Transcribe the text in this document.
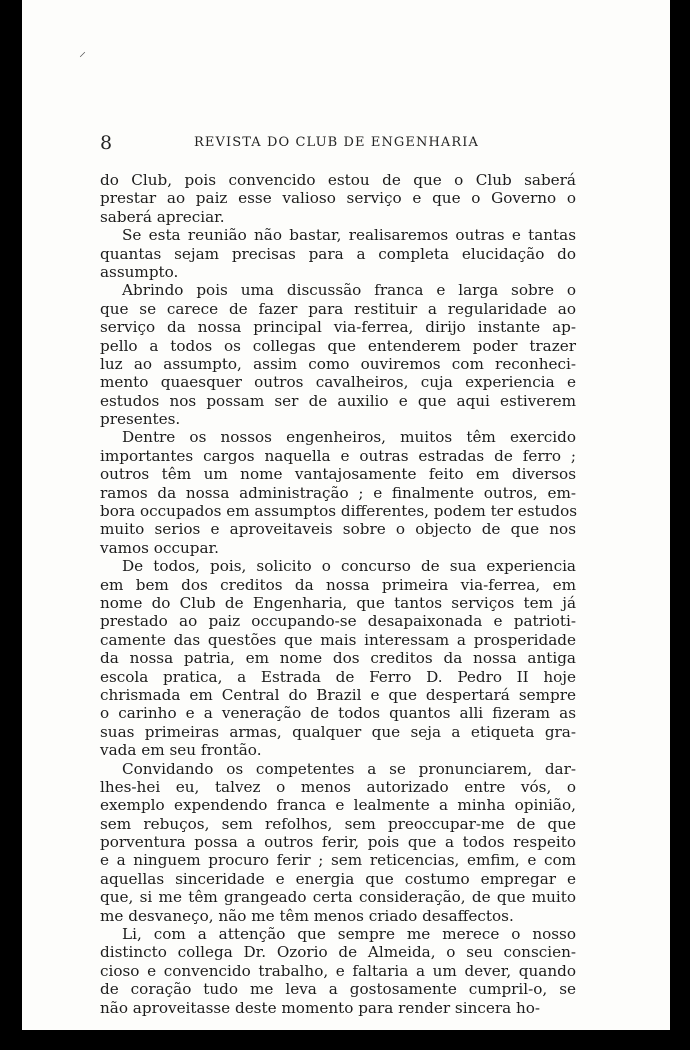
⸝
8	REVISTA DO CLUB DE ENGENHARIA
do Club, pois convencido estou de que o Club saberá
prestar ao paiz esse valioso serviço e que o Governo o
saberá apreciar.
Se esta reunião não bastar, realisaremos outras e tantas
quantas sejam precisas para a completa elucidação do
assumpto.
Abrindo pois uma discussão franca e larga sobre o
que se carece de fazer para restituir a regularidade ao
serviço da nossa principal via-ferrea, dirijo instante ap-
pello a todos os collegas que entenderem poder trazer
luz ao assumpto, assim como ouviremos com reconheci-
mento quaesquer outros cavalheiros, cuja experiencia e
estudos nos possam ser de auxilio e que aqui estiverem
presentes.
Dentre os nossos engenheiros, muitos têm exercido
importantes cargos naquella e outras estradas de ferro ;
outros têm um nome vantajosamente feito em diversos
ramos da nossa administração ; e finalmente outros, em-
bora occupados em assumptos differentes, podem ter estudos
muito serios e aproveitaveis sobre o objecto de que nos
vamos occupar.
De todos, pois, solicito o concurso de sua experiencia
em bem dos creditos da nossa primeira via-ferrea, em
nome do Club de Engenharia, que tantos serviços tem já
prestado ao paiz occupando-se desapaixonada e patrioti-
camente das questões que mais interessam a prosperidade
da nossa patria, em nome dos creditos da nossa antiga
escola pratica, a Estrada de Ferro D. Pedro II hoje
chrismada em Central do Brazil e que despertará sempre
o carinho e a veneração de todos quantos alli fizeram as
suas primeiras armas, qualquer que seja a etiqueta gra-
vada em seu frontão.
Convidando os competentes a se pronunciarem, dar-
lhes-hei eu, talvez o menos autorizado entre vós, o
exemplo expendendo franca e lealmente a minha opinião,
sem rebuços, sem refolhos, sem preoccupar-me de que
porventura possa a outros ferir, pois que a todos respeito
e a ninguem procuro ferir ; sem reticencias, emfim, e com
aquellas sinceridade e energia que costumo empregar e
que, si me têm grangeado certa consideração, de que muito
me desvaneço, não me têm menos criado desaffectos.
Li, com a attenção que sempre me merece o nosso
distincto collega Dr. Ozorio de Almeida, o seu conscien-
cioso e convencido trabalho, e faltaria a um dever, quando
de coração tudo me leva a gostosamente cumpril-o, se
não aproveitasse deste momento para render sincera ho-
